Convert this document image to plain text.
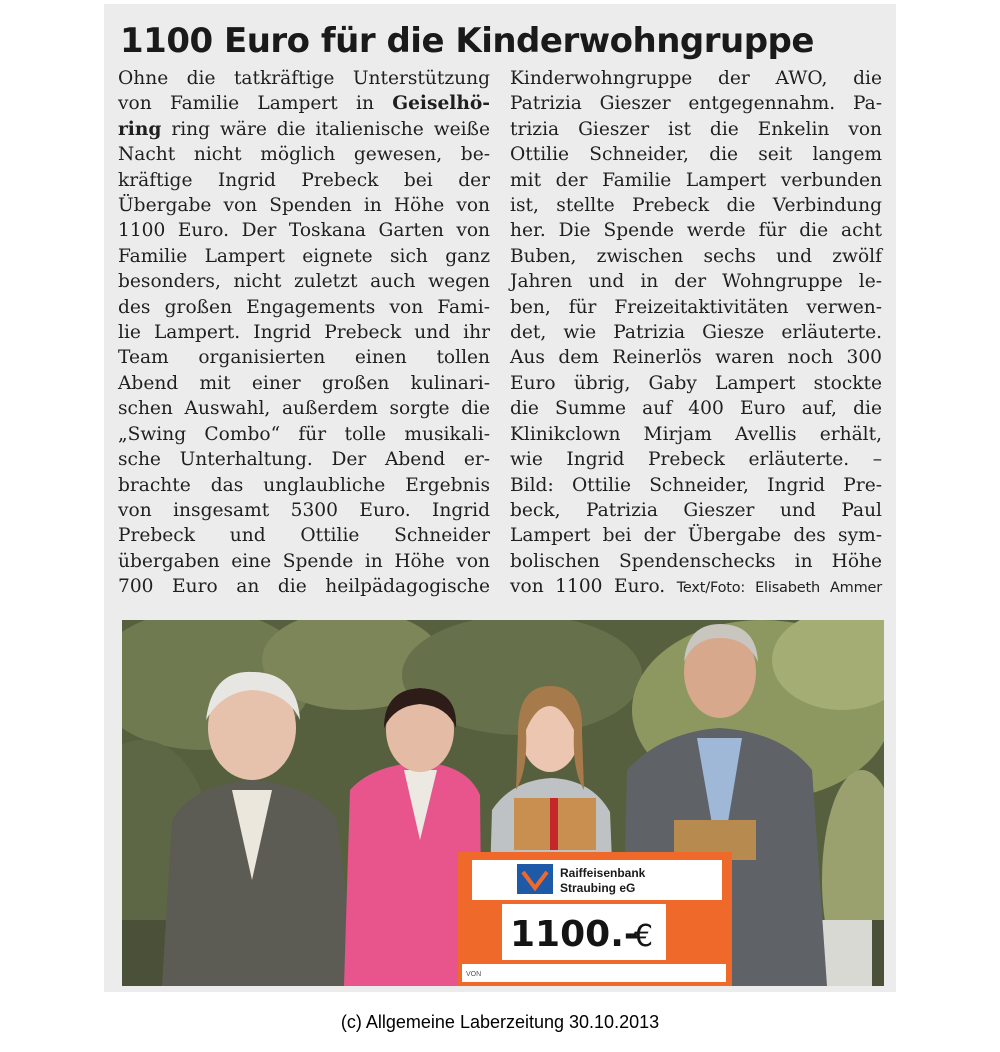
1100 Euro für die Kinderwohngruppe

Ohne die tatkräftige Unterstützung

von Familie Lampert in Geiselhö-

ring ring wäre die italienische weiße

Nacht nicht möglich gewesen, be-

kräftige Ingrid Prebeck bei der

Übergabe von Spenden in Höhe von

1100 Euro. Der Toskana Garten von

Familie Lampert eignete sich ganz

besonders, nicht zuletzt auch wegen

des großen Engagements von Fami-

lie Lampert. Ingrid Prebeck und ihr

Team organisierten einen tollen

Abend mit einer großen kulinari-

schen Auswahl, außerdem sorgte die

„Swing Combo“ für tolle musikali-

sche Unterhaltung. Der Abend er-

brachte das unglaubliche Ergebnis

von insgesamt 5300 Euro. Ingrid

Prebeck und Ottilie Schneider

übergaben eine Spende in Höhe von

700 Euro an die heilpädagogische

Kinderwohngruppe der AWO, die

Patrizia Gieszer entgegennahm. Pa-

trizia Gieszer ist die Enkelin von

Ottilie Schneider, die seit langem

mit der Familie Lampert verbunden

ist, stellte Prebeck die Verbindung

her. Die Spende werde für die acht

Buben, zwischen sechs und zwölf

Jahren und in der Wohngruppe le-

ben, für Freizeitaktivitäten verwen-

det, wie Patrizia Giesze erläuterte.

Aus dem Reinerlös waren noch 300

Euro übrig, Gaby Lampert stockte

die Summe auf 400 Euro auf, die

Klinikclown Mirjam Avellis erhält,

wie Ingrid Prebeck erläuterte. –

Bild: Ottilie Schneider, Ingrid Pre-

beck, Patrizia Gieszer und Paul

Lampert bei der Übergabe des sym-

bolischen Spendenschecks in Höhe

von 1100 Euro. Text/Foto: Elisabeth Ammer

Raiffeisenbank
Straubing eG
1100.-
€
VON
(c) Allgemeine Laberzeitung 30.10.2013
